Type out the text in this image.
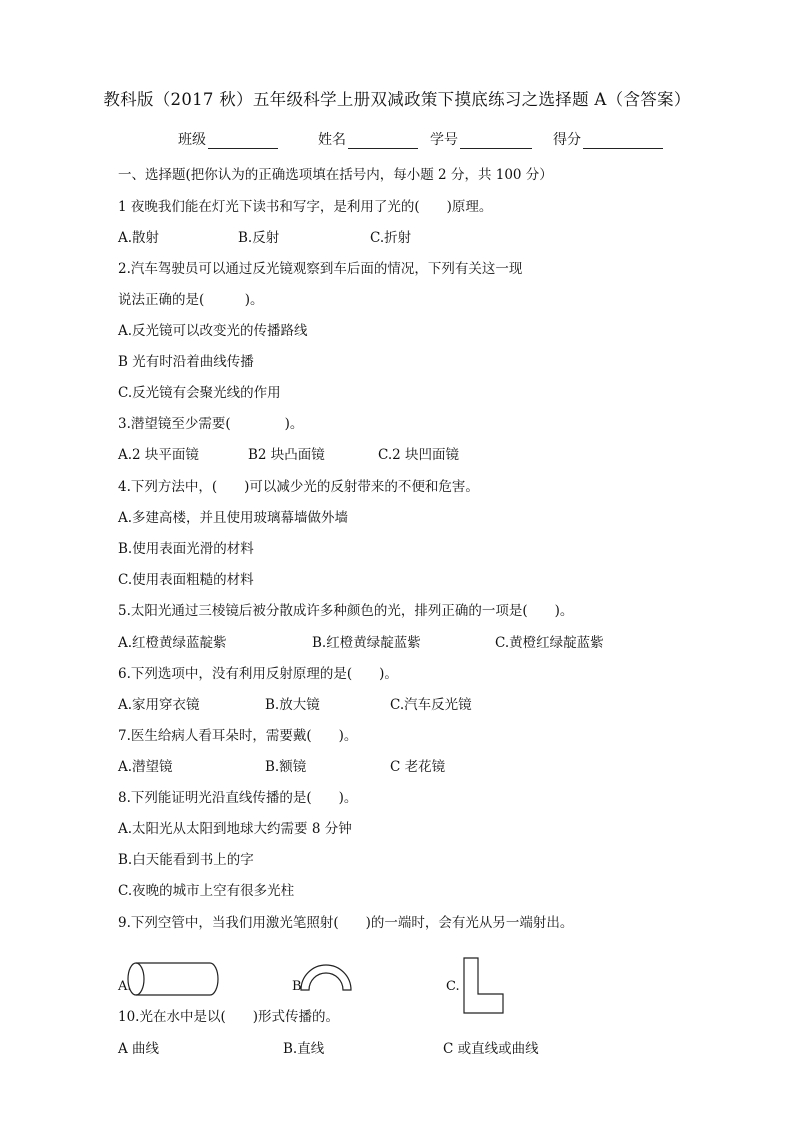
教科版（2017 秋）五年级科学上册双减政策下摸底练习之选择题 A（含答案）
班级	姓名	学号	得分
一、选择题(把你认为的正确选项填在括号内，每小题 2 分，共 100 分）
1 夜晚我们能在灯光下读书和写字，是利用了光的(　　)原理。
A.散射	B.反射	C.折射
2.汽车驾驶员可以通过反光镜观察到车后面的情况，下列有关这一现
说法正确的是(　　　)。
A.反光镜可以改变光的传播路线
B 光有时沿着曲线传播
C.反光镜有会聚光线的作用
3.潜望镜至少需要(　　　　)。
A.2 块平面镜	B2 块凸面镜	C.2 块凹面镜
4.下列方法中，(　　)可以减少光的反射带来的不便和危害。
A.多建高楼，并且使用玻璃幕墙做外墙
B.使用表面光滑的材料
C.使用表面粗糙的材料
5.太阳光通过三棱镜后被分散成许多种颜色的光，排列正确的一项是(　　)。
A.红橙黄绿蓝靛紫	B.红橙黄绿靛蓝紫	C.黄橙红绿靛蓝紫
6.下列选项中，没有利用反射原理的是(　　)。
A.家用穿衣镜	B.放大镜	C.汽车反光镜
7.医生给病人看耳朵时，需要戴(　　)。
A.潜望镜	B.额镜	C 老花镜
8.下列能证明光沿直线传播的是(　　)。
A.太阳光从太阳到地球大约需要 8 分钟
B.白天能看到书上的字
C.夜晚的城市上空有很多光柱
9.下列空管中，当我们用激光笔照射(　　)的一端时，会有光从另一端射出。
A.	B	C.
10.光在水中是以(　　)形式传播的。
A 曲线	B.直线	C 或直线或曲线
